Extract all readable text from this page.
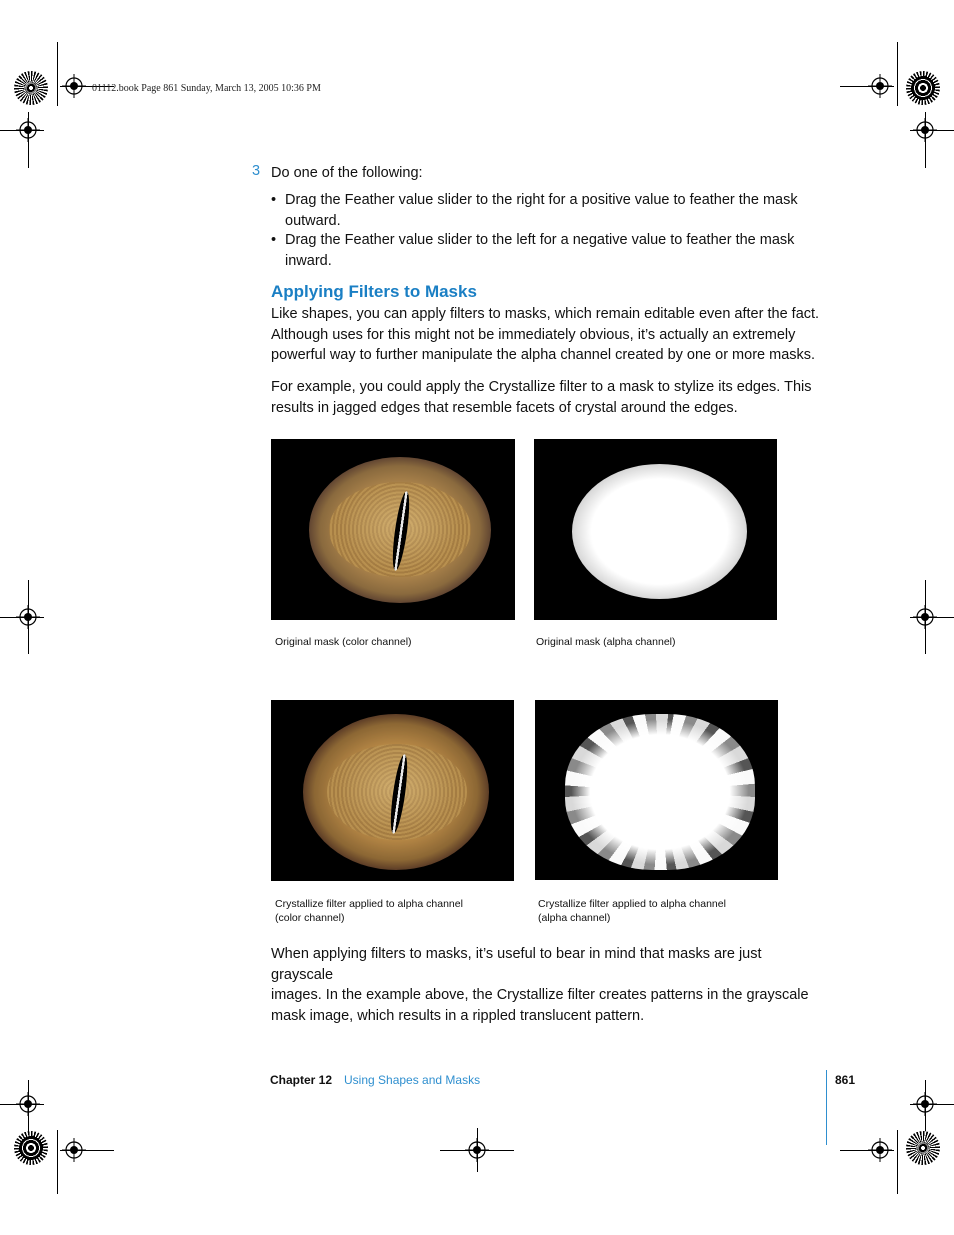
01112.book Page 861 Sunday, March 13, 2005 10:36 PM
3 Do one of the following:
• Drag the Feather value slider to the right for a positive value to feather the mask
outward.
• Drag the Feather value slider to the left for a negative value to feather the mask
inward.
Applying Filters to Masks
Like shapes, you can apply filters to masks, which remain editable even after the fact.
Although uses for this might not be immediately obvious, it’s actually an extremely
powerful way to further manipulate the alpha channel created by one or more masks.
For example, you could apply the Crystallize filter to a mask to stylize its edges. This
results in jagged edges that resemble facets of crystal around the edges.
Original mask (color channel)	Original mask (alpha channel)
Crystallize filter applied to alpha channel
(color channel)
Crystallize filter applied to alpha channel
(alpha channel)
When applying filters to masks, it’s useful to bear in mind that masks are just grayscale
images. In the example above, the Crystallize filter creates patterns in the grayscale
mask image, which results in a rippled translucent pattern.
Chapter 12 Using Shapes and Masks	861
